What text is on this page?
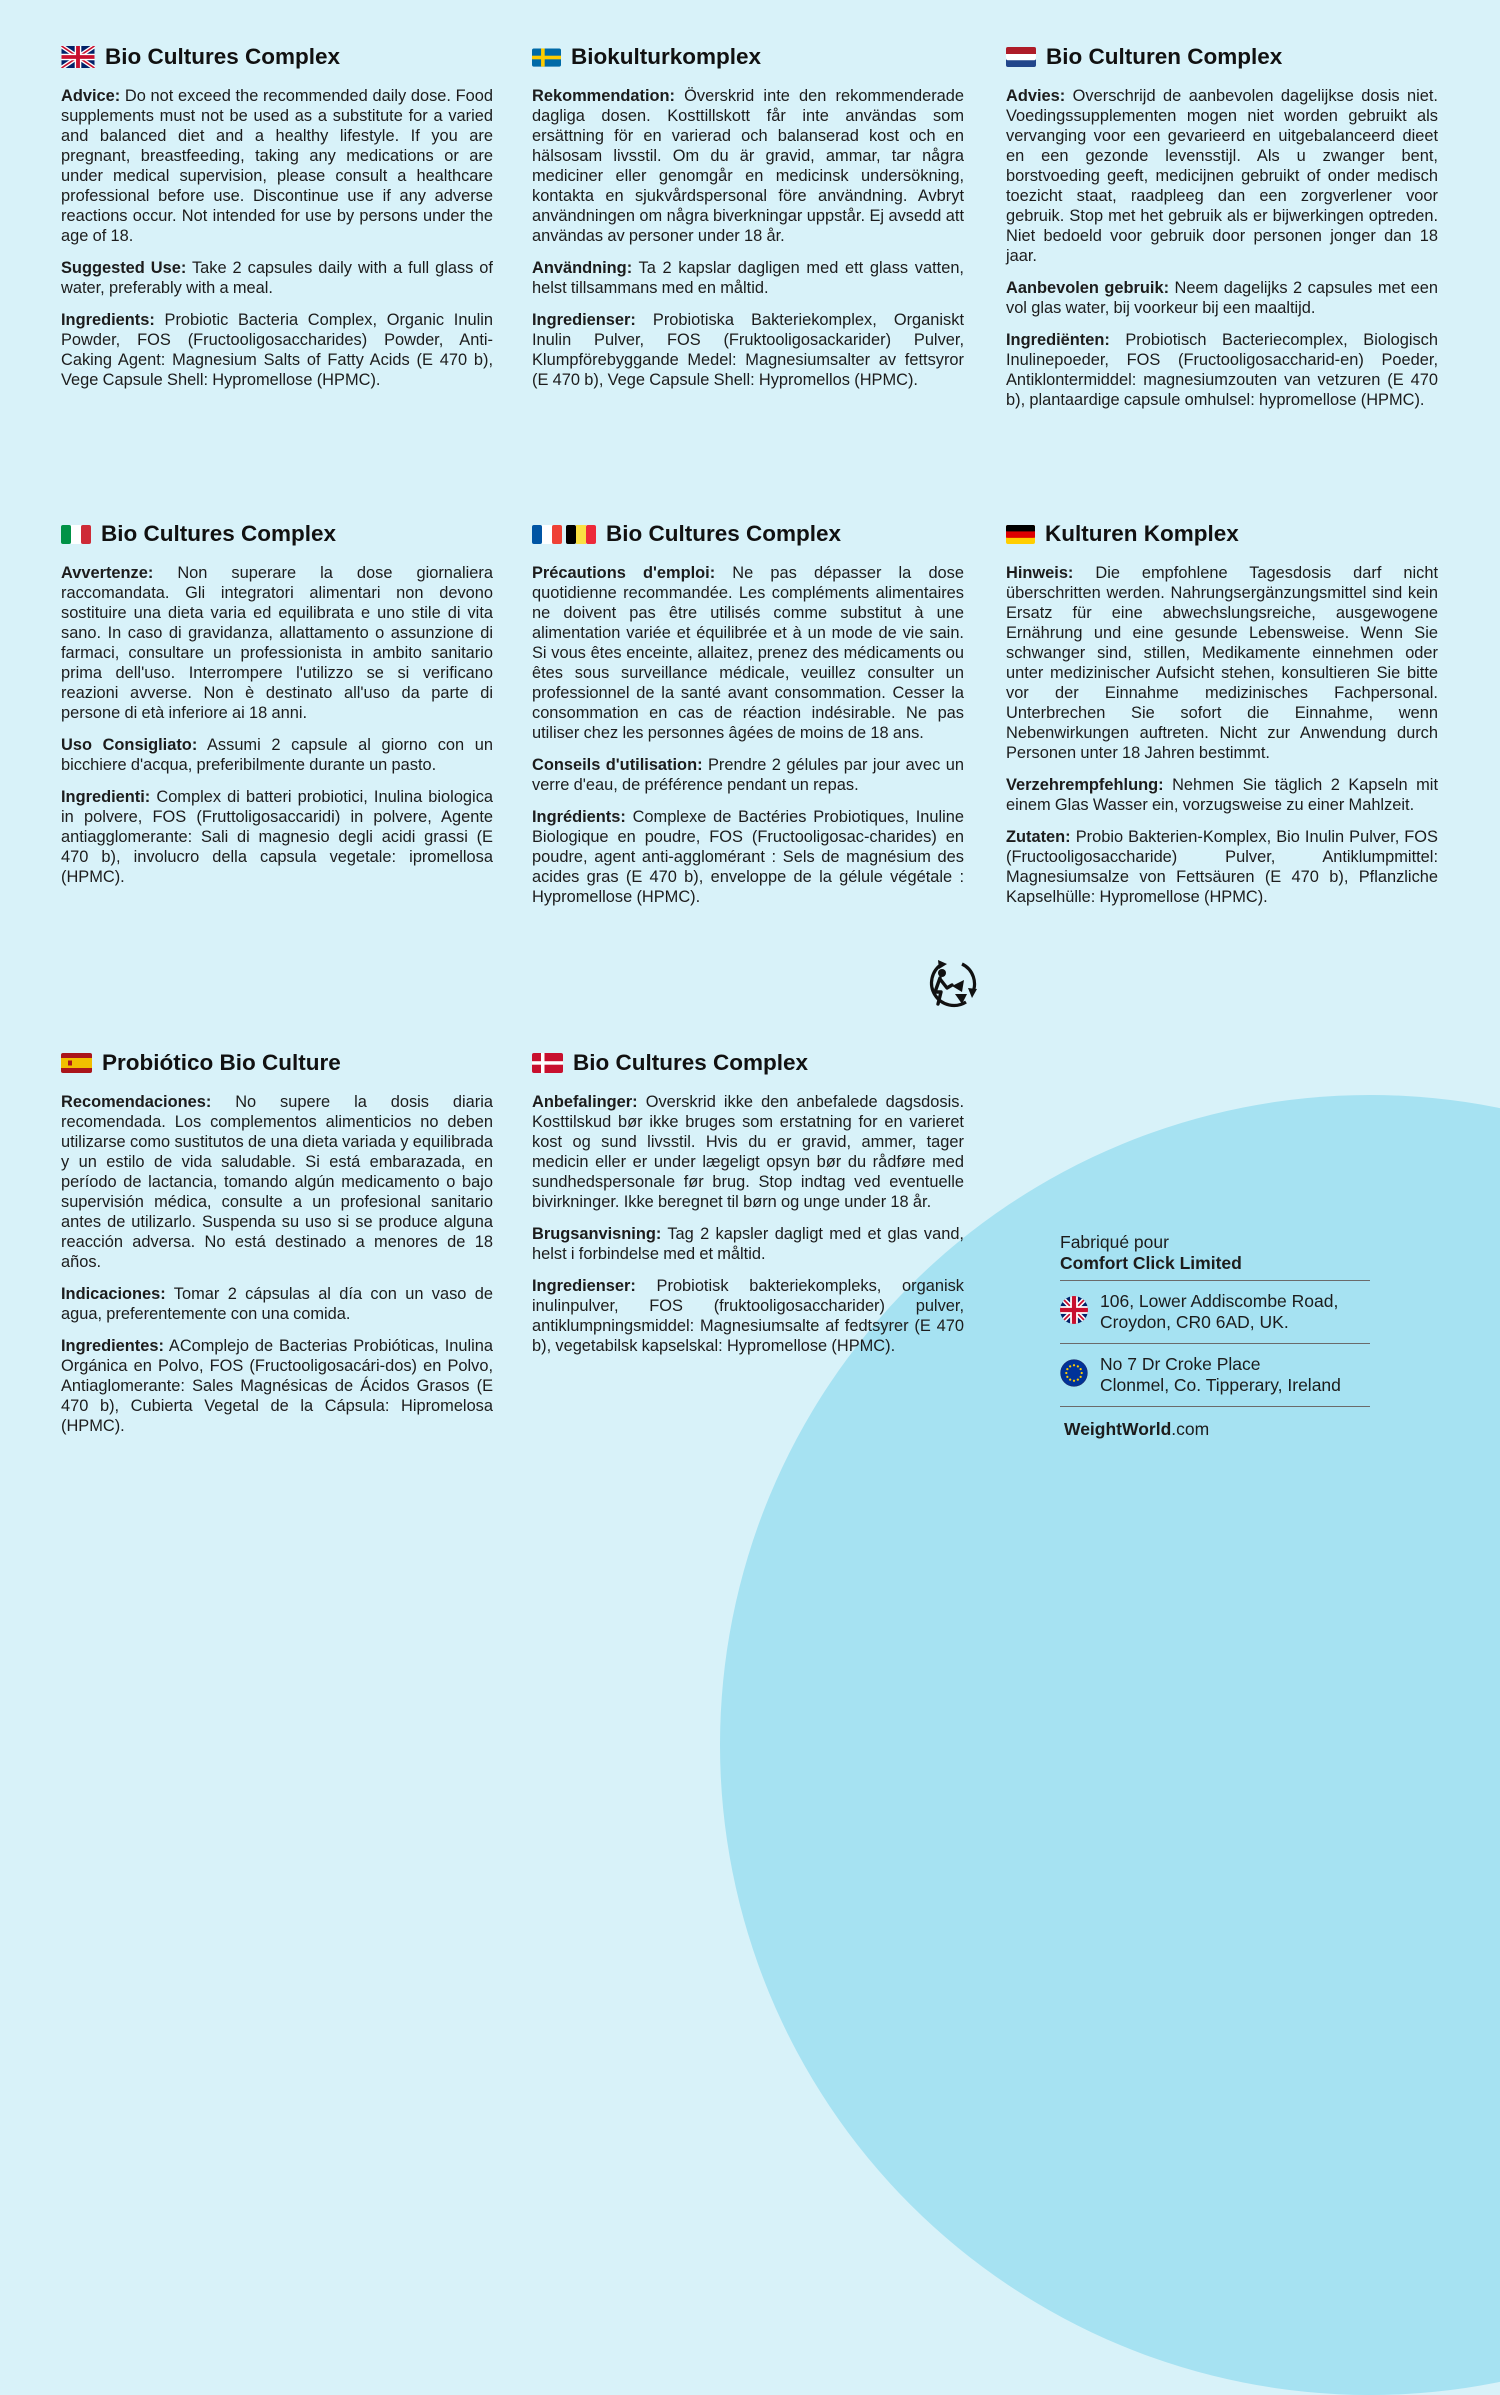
Bio Cultures Complex

Advice: Do not exceed the recommended daily dose. Food supplements must not be used as a substitute for a varied and balanced diet and a healthy lifestyle. If you are pregnant, breastfeeding, taking any medications or are under medical supervision, please consult a healthcare professional before use. Discontinue use if any adverse reactions occur. Not intended for use by persons under the age of 18.

Suggested Use: Take 2 capsules daily with a full glass of water, preferably with a meal.

Ingredients: Probiotic Bacteria Complex, Organic Inulin Powder, FOS (Fructooligosaccharides) Powder, Anti-Caking Agent: Magnesium Salts of Fatty Acids (E 470 b), Vege Capsule Shell: Hypromellose (HPMC).

Biokulturkomplex

Rekommendation: Överskrid inte den rekommenderade dagliga dosen. Kosttillskott får inte användas som ersättning för en varierad och balanserad kost och en hälsosam livsstil. Om du är gravid, ammar, tar några mediciner eller genomgår en medicinsk undersökning, kontakta en sjukvårdspersonal före användning. Avbryt användningen om några biverkningar uppstår. Ej avsedd att användas av personer under 18 år.

Användning: Ta 2 kapslar dagligen med ett glass vatten, helst tillsammans med en måltid.

Ingredienser: Probiotiska Bakteriekomplex, Organiskt Inulin Pulver, FOS (Fruktooligosackarider) Pulver, Klumpförebyggande Medel: Magnesiumsalter av fettsyror (E 470 b), Vege Capsule Shell: Hypromellos (HPMC).

Bio Culturen Complex

Advies: Overschrijd de aanbevolen dagelijkse dosis niet. Voedingssupplementen mogen niet worden gebruikt als vervanging voor een gevarieerd en uitgebalanceerd dieet en een gezonde levensstijl. Als u zwanger bent, borstvoeding geeft, medicijnen gebruikt of onder medisch toezicht staat, raadpleeg dan een zorgverlener voor gebruik. Stop met het gebruik als er bijwerkingen optreden. Niet bedoeld voor gebruik door personen jonger dan 18 jaar.

Aanbevolen gebruik: Neem dagelijks 2 capsules met een vol glas water, bij voorkeur bij een maaltijd.

Ingrediënten: Probiotisch Bacteriecomplex, Biologisch Inulinepoeder, FOS (Fructooligosaccharid-en) Poeder, Antiklontermiddel: magnesiumzouten van vetzuren (E 470 b), plantaardige capsule omhulsel: hypromellose (HPMC).

Bio Cultures Complex

Avvertenze: Non superare la dose giornaliera raccomandata. Gli integratori alimentari non devono sostituire una dieta varia ed equilibrata e uno stile di vita sano. In caso di gravidanza, allattamento o assunzione di farmaci, consultare un professionista in ambito sanitario prima dell'uso. Interrompere l'utilizzo se si verificano reazioni avverse. Non è destinato all'uso da parte di persone di età inferiore ai 18 anni.

Uso Consigliato: Assumi 2 capsule al giorno con un bicchiere d'acqua, preferibilmente durante un pasto.

Ingredienti: Complex di batteri probiotici, Inulina biologica in polvere, FOS (Fruttoligosaccaridi) in polvere, Agente antiagglomerante: Sali di magnesio degli acidi grassi (E 470 b), involucro della capsula vegetale: ipromellosa (HPMC).

Bio Cultures Complex

Précautions d'emploi: Ne pas dépasser la dose quotidienne recommandée. Les compléments alimentaires ne doivent pas être utilisés comme substitut à une alimentation variée et équilibrée et à un mode de vie sain. Si vous êtes enceinte, allaitez, prenez des médicaments ou êtes sous surveillance médicale, veuillez consulter un professionnel de la santé avant consommation. Cesser la consommation en cas de réaction indésirable. Ne pas utiliser chez les personnes âgées de moins de 18 ans.

Conseils d'utilisation: Prendre 2 gélules par jour avec un verre d'eau, de préférence pendant un repas.

Ingrédients: Complexe de Bactéries Probiotiques, Inuline Biologique en poudre, FOS (Fructooligosac-charides) en poudre, agent anti-agglomérant : Sels de magnésium des acides gras (E 470 b), enveloppe de la gélule végétale : Hypromellose (HPMC).

Kulturen Komplex

Hinweis: Die empfohlene Tagesdosis darf nicht überschritten werden. Nahrungsergänzungsmittel sind kein Ersatz für eine abwechslungsreiche, ausgewogene Ernährung und eine gesunde Lebensweise. Wenn Sie schwanger sind, stillen, Medikamente einnehmen oder unter medizinischer Aufsicht stehen, konsultieren Sie bitte vor der Einnahme medizinisches Fachpersonal. Unterbrechen Sie sofort die Einnahme, wenn Nebenwirkungen auftreten. Nicht zur Anwendung durch Personen unter 18 Jahren bestimmt.

Verzehrempfehlung: Nehmen Sie täglich 2 Kapseln mit einem Glas Wasser ein, vorzugsweise zu einer Mahlzeit.

Zutaten: Probio Bakterien-Komplex, Bio Inulin Pulver, FOS (Fructooligosaccharide) Pulver, Antiklumpmittel: Magnesiumsalze von Fettsäuren (E 470 b), Pflanzliche Kapselhülle: Hypromellose (HPMC).

Probiótico Bio Culture

Recomendaciones: No supere la dosis diaria recomendada. Los complementos alimenticios no deben utilizarse como sustitutos de una dieta variada y equilibrada y un estilo de vida saludable. Si está embarazada, en período de lactancia, tomando algún medicamento o bajo supervisión médica, consulte a un profesional sanitario antes de utilizarlo. Suspenda su uso si se produce alguna reacción adversa. No está destinado a menores de 18 años.

Indicaciones: Tomar 2 cápsulas al día con un vaso de agua, preferentemente con una comida.

Ingredientes: AComplejo de Bacterias Probióticas, Inulina Orgánica en Polvo, FOS (Fructooligosacári-dos) en Polvo, Antiaglomerante: Sales Magnésicas de Ácidos Grasos (E 470 b), Cubierta Vegetal de la Cápsula: Hipromelosa (HPMC).

Bio Cultures Complex

Anbefalinger: Overskrid ikke den anbefalede dagsdosis. Kosttilskud bør ikke bruges som erstatning for en varieret kost og sund livsstil. Hvis du er gravid, ammer, tager medicin eller er under lægeligt opsyn bør du rådføre med sundhedspersonale før brug. Stop indtag ved eventuelle bivirkninger. Ikke beregnet til børn og unge under 18 år.

Brugsanvisning: Tag 2 kapsler dagligt med et glas vand, helst i forbindelse med et måltid.

Ingredienser: Probiotisk bakteriekompleks, organisk inulinpulver, FOS (fruktooligosaccharider) pulver, antiklumpningsmiddel: Magnesiumsalte af fedtsyrer (E 470 b), vegetabilsk kapselskal: Hypromellose (HPMC).

Fabriqué pour
Comfort Click Limited
106, Lower Addiscombe Road,
Croydon, CR0 6AD, UK.
No 7 Dr Croke Place
Clonmel, Co. Tipperary, Ireland
WeightWorld.com
